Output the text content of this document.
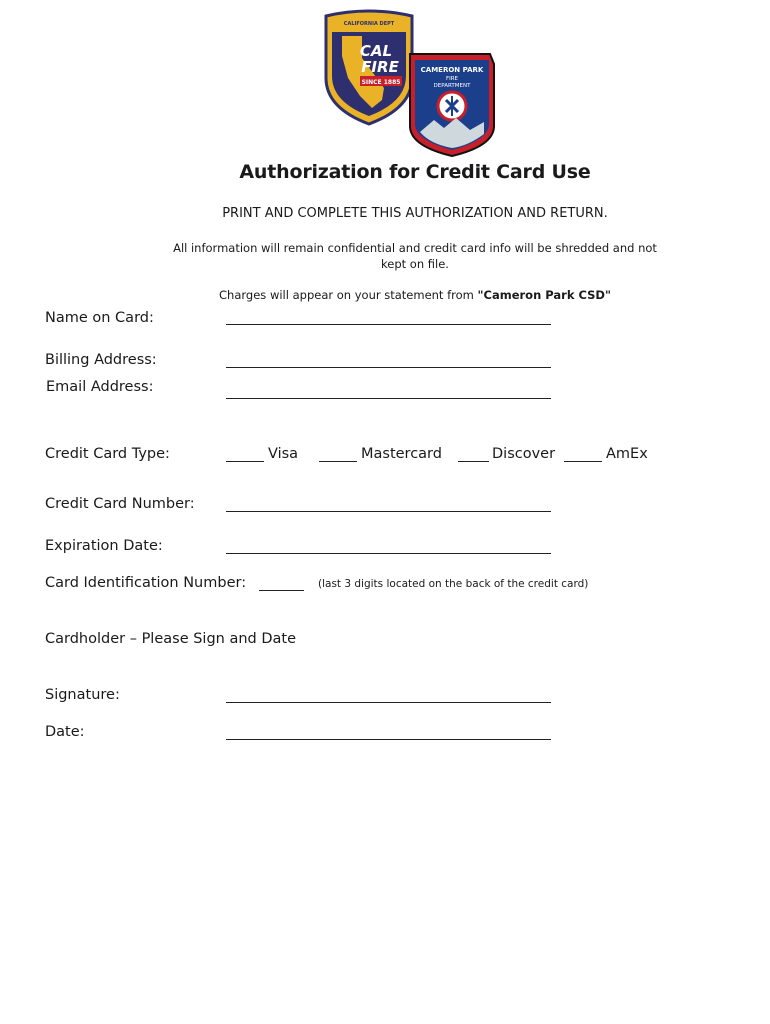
CALIFORNIA DEPT
CAL
FIRE
SINCE 1885
CAMERON PARK
FIRE
DEPARTMENT
Authorization for Credit Card Use
PRINT AND COMPLETE THIS AUTHORIZATION AND RETURN.
All information will remain confidential and credit card info will be shredded and not kept on file.
Charges will appear on your statement from "Cameron Park CSD"
Name on Card:
Billing Address:
Email Address:
Credit Card Type:	Visa	Mastercard	Discover	AmEx
Credit Card Number:
Expiration Date:
Card Identification Number:	(last 3 digits located on the back of the credit card)
Cardholder – Please Sign and Date
Signature:
Date:
